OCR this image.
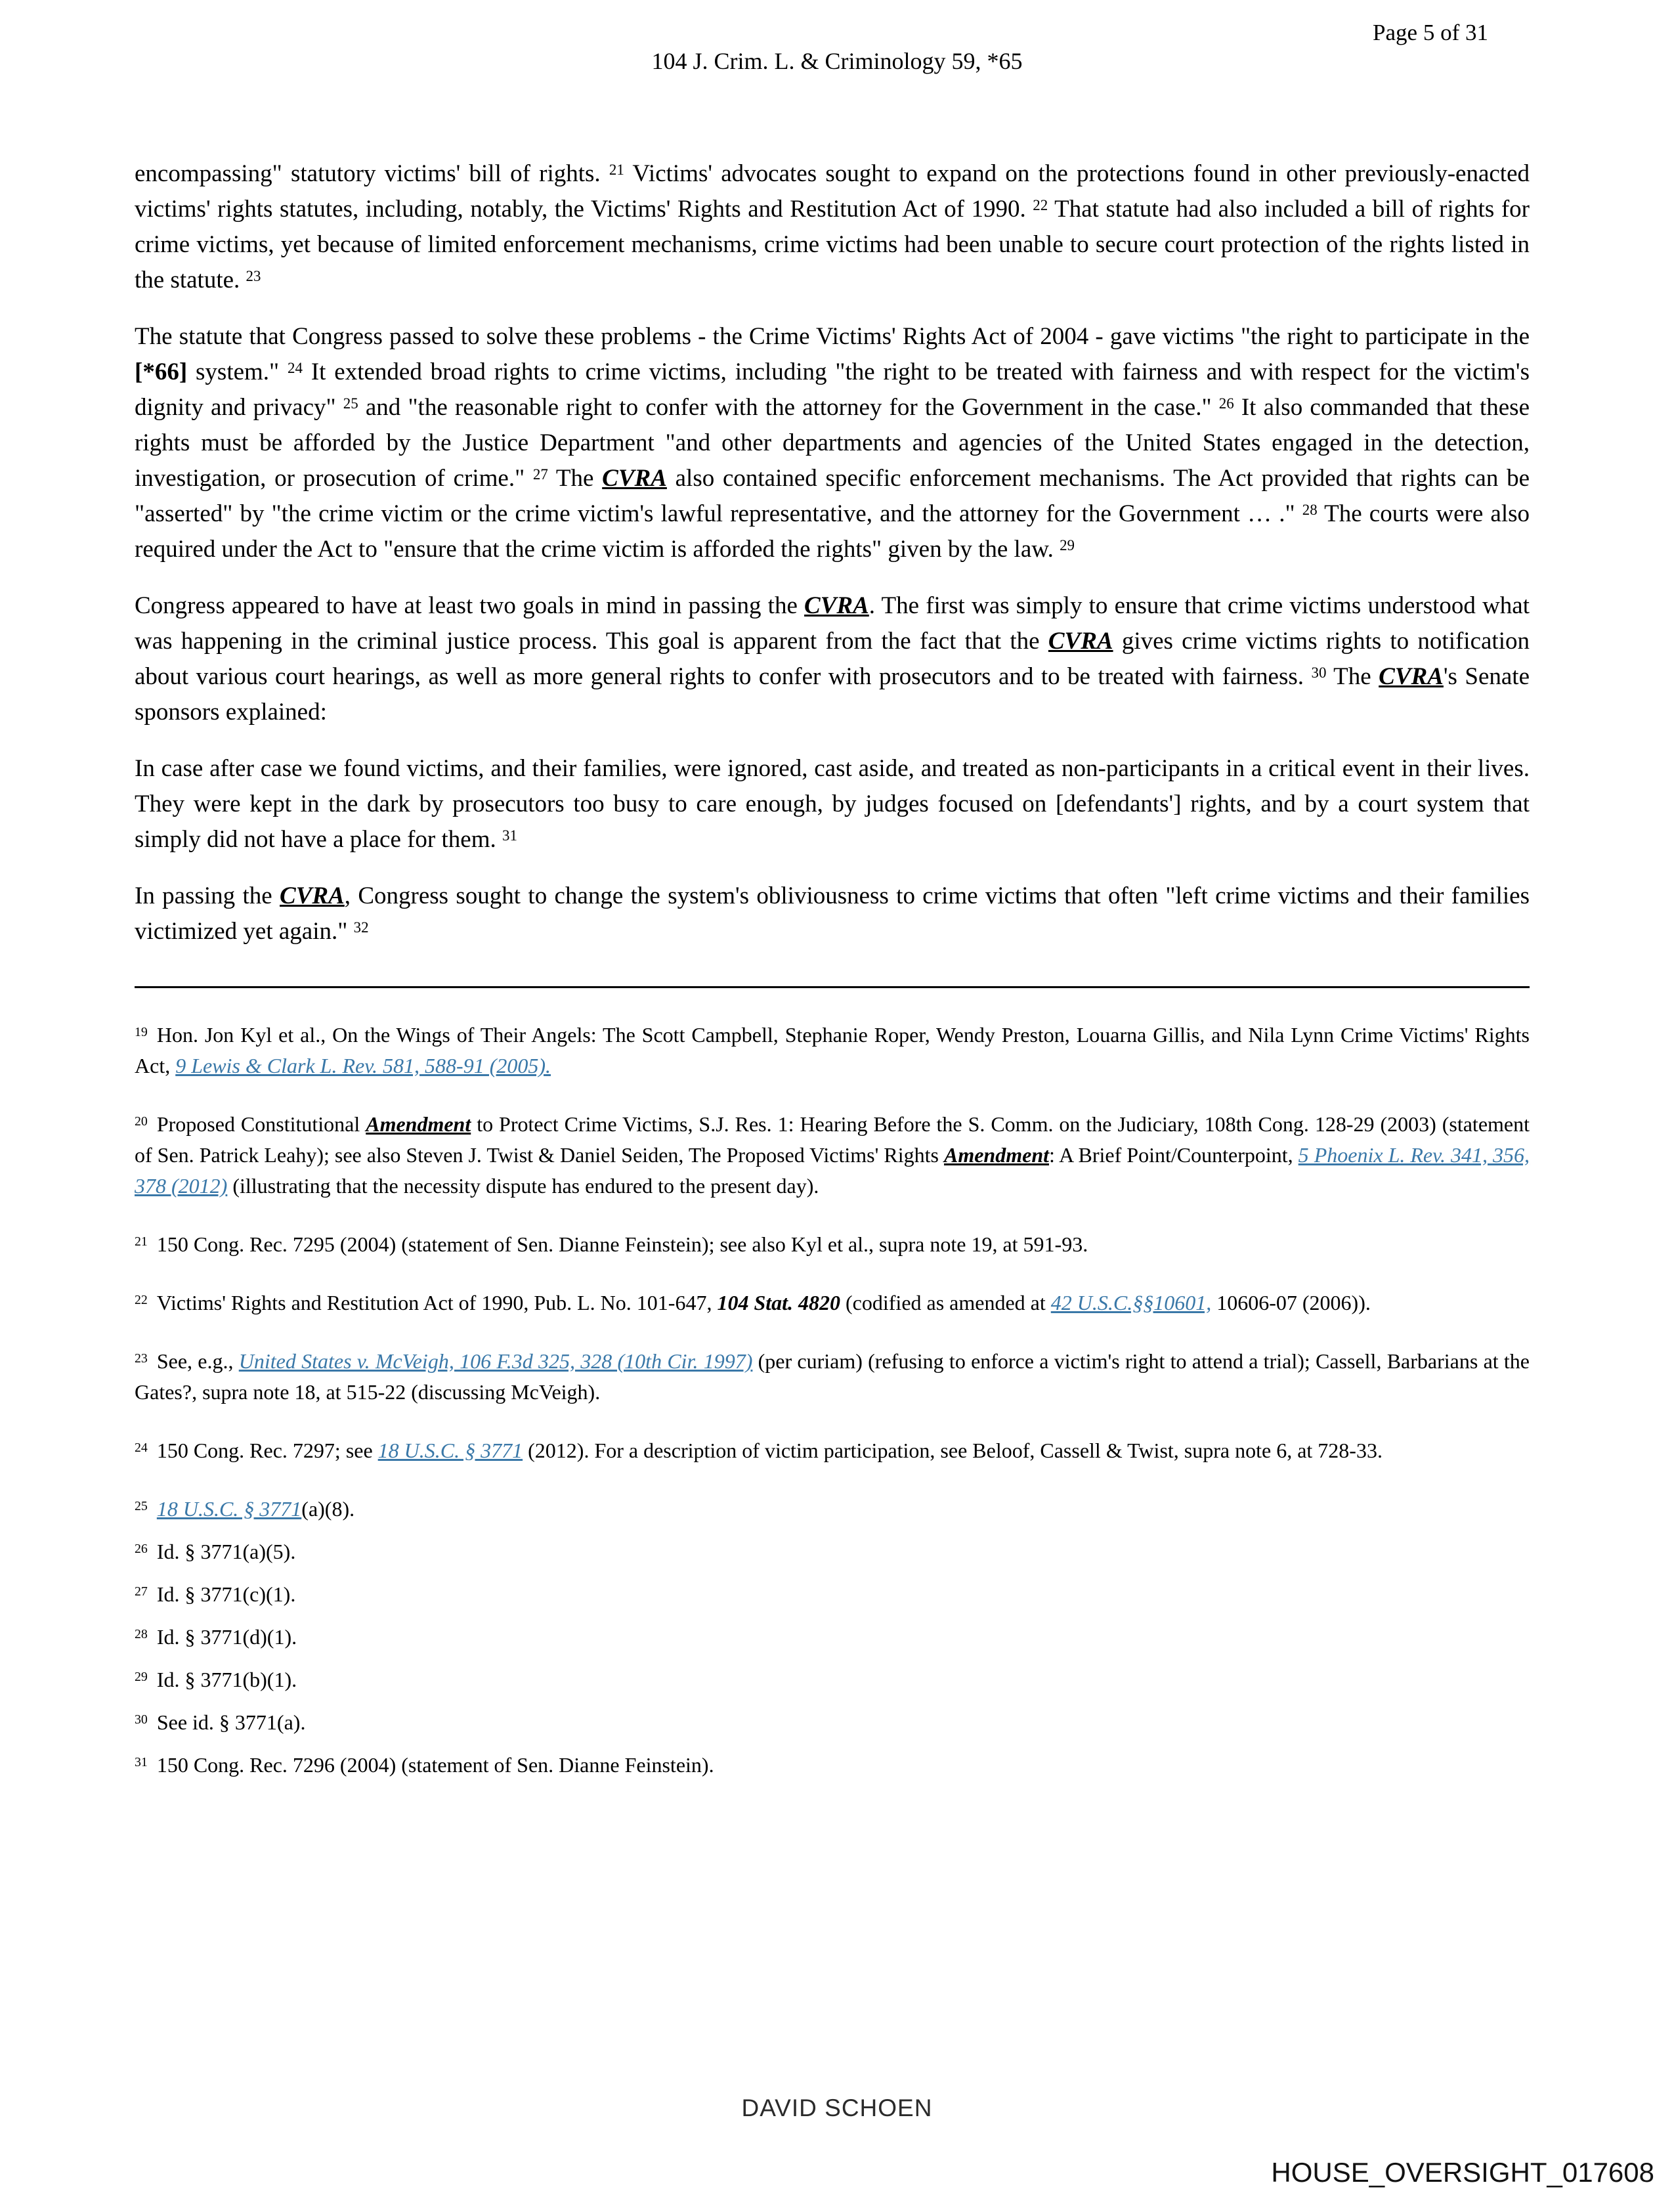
Page 5 of 31
104 J. Crim. L. & Criminology 59, *65

encompassing" statutory victims' bill of rights. $^{21}$ Victims' advocates sought to expand on the protections found in other previously-enacted victims' rights statutes, including, notably, the Victims' Rights and Restitution Act of 1990. $^{22}$ That statute had also included a bill of rights for crime victims, yet because of limited enforcement mechanisms, crime victims had been unable to secure court protection of the rights listed in the statute. $^{23}$

The statute that Congress passed to solve these problems - the Crime Victims' Rights Act of 2004 - gave victims "the right to participate in the [*66] system." $^{24}$ It extended broad rights to crime victims, including "the right to be treated with fairness and with respect for the victim's dignity and privacy" $^{25}$ and "the reasonable right to confer with the attorney for the Government in the case." $^{26}$ It also commanded that these rights must be afforded by the Justice Department "and other departments and agencies of the United States engaged in the detection, investigation, or prosecution of crime." $^{27}$ The CVRA also contained specific enforcement mechanisms. The Act provided that rights can be "asserted" by "the crime victim or the crime victim's lawful representative, and the attorney for the Government … ." $^{28}$ The courts were also required under the Act to "ensure that the crime victim is afforded the rights" given by the law. $^{29}$

Congress appeared to have at least two goals in mind in passing the CVRA. The first was simply to ensure that crime victims understood what was happening in the criminal justice process. This goal is apparent from the fact that the CVRA gives crime victims rights to notification about various court hearings, as well as more general rights to confer with prosecutors and to be treated with fairness. $^{30}$ The CVRA's Senate sponsors explained:

In case after case we found victims, and their families, were ignored, cast aside, and treated as non-participants in a critical event in their lives. They were kept in the dark by prosecutors too busy to care enough, by judges focused on [defendants'] rights, and by a court system that simply did not have a place for them. $^{31}$

In passing the CVRA, Congress sought to change the system's obliviousness to crime victims that often "left crime victims and their families victimized yet again." $^{32}$

$^{19}$ Hon. Jon Kyl et al., On the Wings of Their Angels: The Scott Campbell, Stephanie Roper, Wendy Preston, Louarna Gillis, and Nila Lynn Crime Victims' Rights Act, 9 Lewis & Clark L. Rev. 581, 588-91 (2005).
$^{20}$ Proposed Constitutional Amendment to Protect Crime Victims, S.J. Res. 1: Hearing Before the S. Comm. on the Judiciary, 108th Cong. 128-29 (2003) (statement of Sen. Patrick Leahy); see also Steven J. Twist & Daniel Seiden, The Proposed Victims' Rights Amendment: A Brief Point/Counterpoint, 5 Phoenix L. Rev. 341, 356, 378 (2012) (illustrating that the necessity dispute has endured to the present day).
$^{21}$ 150 Cong. Rec. 7295 (2004) (statement of Sen. Dianne Feinstein); see also Kyl et al., supra note 19, at 591-93.
$^{22}$ Victims' Rights and Restitution Act of 1990, Pub. L. No. 101-647, 104 Stat. 4820 (codified as amended at 42 U.S.C.§§10601, 10606-07 (2006)).
$^{23}$ See, e.g., United States v. McVeigh, 106 F.3d 325, 328 (10th Cir. 1997) (per curiam) (refusing to enforce a victim's right to attend a trial); Cassell, Barbarians at the Gates?, supra note 18, at 515-22 (discussing McVeigh).
$^{24}$ 150 Cong. Rec. 7297; see 18 U.S.C. § 3771 (2012). For a description of victim participation, see Beloof, Cassell & Twist, supra note 6, at 728-33.
$^{25}$ 18 U.S.C. § 3771(a)(8).
$^{26}$ Id. § 3771(a)(5).
$^{27}$ Id. § 3771(c)(1).
$^{28}$ Id. § 3771(d)(1).
$^{29}$ Id. § 3771(b)(1).
$^{30}$ See id. § 3771(a).
$^{31}$ 150 Cong. Rec. 7296 (2004) (statement of Sen. Dianne Feinstein).
DAVID SCHOEN
HOUSE_OVERSIGHT_017608
